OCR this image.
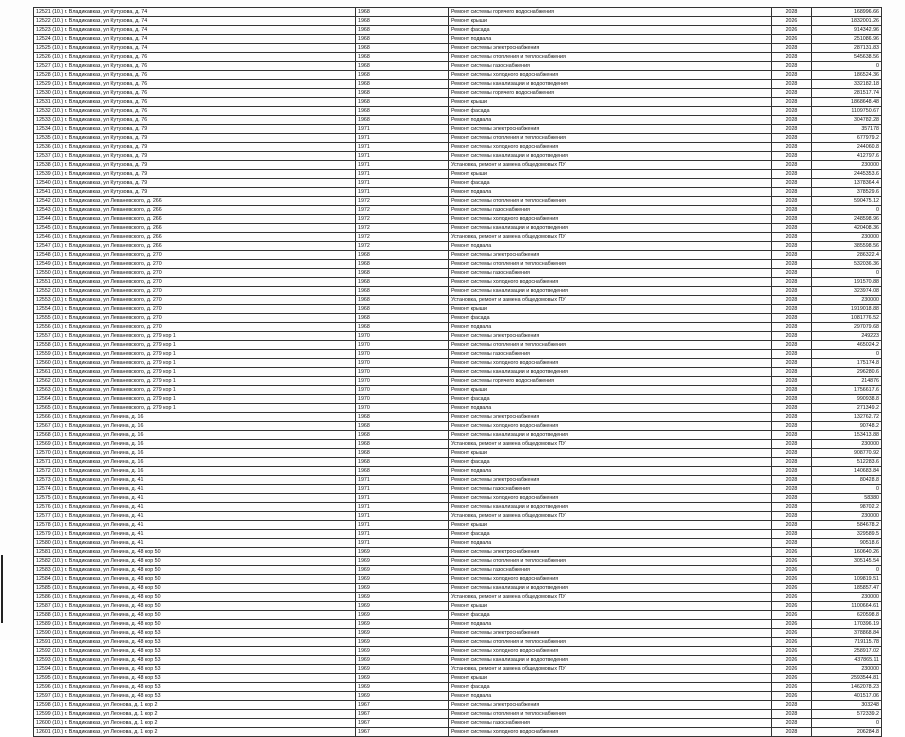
12521 (10.) г. Владикавказ, ул Кутузова, д. 74	1968	Ремонт системы горячего водоснабжения	2028	168996.66
12522 (10.) г. Владикавказ, ул Кутузова, д. 74	1968	Ремонт крыши	2026	1832001.26
12523 (10.) г. Владикавказ, ул Кутузова, д. 74	1968	Ремонт фасада	2026	914342.96
12524 (10.) г. Владикавказ, ул Кутузова, д. 74	1968	Ремонт подвала	2026	251086.96
12525 (10.) г. Владикавказ, ул Кутузова, д. 74	1968	Ремонт системы электроснабжения	2028	287131.83
12526 (10.) г. Владикавказ, ул Кутузова, д. 76	1968	Ремонт системы отопления и теплоснабжения	2028	545638.56
12527 (10.) г. Владикавказ, ул Кутузова, д. 76	1968	Ремонт системы газоснабжения	2028	0
12528 (10.) г. Владикавказ, ул Кутузова, д. 76	1968	Ремонт системы холодного водоснабжения	2028	186524.36
12529 (10.) г. Владикавказ, ул Кутузова, д. 76	1968	Ремонт системы канализации и водоотведения	2028	332182.18
12530 (10.) г. Владикавказ, ул Кутузова, д. 76	1968	Ремонт системы горячего водоснабжения	2028	281517.74
12531 (10.) г. Владикавказ, ул Кутузова, д. 76	1968	Ремонт крыши	2028	1868648.48
12532 (10.) г. Владикавказ, ул Кутузова, д. 76	1968	Ремонт фасада	2028	1109750.67
12533 (10.) г. Владикавказ, ул Кутузова, д. 76	1968	Ремонт подвала	2028	304782.28
12534 (10.) г. Владикавказ, ул Кутузова, д. 79	1971	Ремонт системы электроснабжения	2028	357178
12535 (10.) г. Владикавказ, ул Кутузова, д. 79	1971	Ремонт системы отопления и теплоснабжения	2028	677979.2
12536 (10.) г. Владикавказ, ул Кутузова, д. 79	1971	Ремонт системы холодного водоснабжения	2028	244060.8
12537 (10.) г. Владикавказ, ул Кутузова, д. 79	1971	Ремонт системы канализации и водоотведения	2028	412797.6
12538 (10.) г. Владикавказ, ул Кутузова, д. 79	1971	Установка, ремонт и замена общедомовых ПУ	2028	230000
12539 (10.) г. Владикавказ, ул Кутузова, д. 79	1971	Ремонт крыши	2028	2445353.6
12540 (10.) г. Владикавказ, ул Кутузова, д. 79	1971	Ремонт фасада	2028	1378364.4
12541 (10.) г. Владикавказ, ул Кутузова, д. 79	1971	Ремонт подвала	2028	378529.6
12542 (10.) г. Владикавказ, ул Леваневского, д. 266	1972	Ремонт системы отопления и теплоснабжения	2028	590475.12
12543 (10.) г. Владикавказ, ул Леваневского, д. 266	1972	Ремонт системы газоснабжения	2028	0
12544 (10.) г. Владикавказ, ул Леваневского, д. 266	1972	Ремонт системы холодного водоснабжения	2028	248598.96
12545 (10.) г. Владикавказ, ул Леваневского, д. 266	1972	Ремонт системы канализации и водоотведения	2028	420408.36
12546 (10.) г. Владикавказ, ул Леваневского, д. 266	1972	Установка, ремонт и замена общедомовых ПУ	2028	230000
12547 (10.) г. Владикавказ, ул Леваневского, д. 266	1972	Ремонт подвала	2028	385598.56
12548 (10.) г. Владикавказ, ул Леваневского, д. 270	1968	Ремонт системы электроснабжения	2028	286322.4
12549 (10.) г. Владикавказ, ул Леваневского, д. 270	1968	Ремонт системы отопления и теплоснабжения	2028	532036.36
12550 (10.) г. Владикавказ, ул Леваневского, д. 270	1968	Ремонт системы газоснабжения	2028	0
12551 (10.) г. Владикавказ, ул Леваневского, д. 270	1968	Ремонт системы холодного водоснабжения	2028	191570.88
12552 (10.) г. Владикавказ, ул Леваневского, д. 270	1968	Ремонт системы канализации и водоотведения	2028	323974.08
12553 (10.) г. Владикавказ, ул Леваневского, д. 270	1968	Установка, ремонт и замена общедомовых ПУ	2028	230000
12554 (10.) г. Владикавказ, ул Леваневского, д. 270	1968	Ремонт крыши	2028	1919018.88
12555 (10.) г. Владикавказ, ул Леваневского, д. 270	1968	Ремонт фасада	2028	1081776.52
12556 (10.) г. Владикавказ, ул Леваневского, д. 270	1968	Ремонт подвала	2028	297079.68
12557 (10.) г. Владикавказ, ул Леваневского, д. 279 кор 1	1970	Ремонт системы электроснабжения	2028	249223
12558 (10.) г. Владикавказ, ул Леваневского, д. 279 кор 1	1970	Ремонт системы отопления и теплоснабжения	2028	465024.2
12559 (10.) г. Владикавказ, ул Леваневского, д. 279 кор 1	1970	Ремонт системы газоснабжения	2028	0
12560 (10.) г. Владикавказ, ул Леваневского, д. 279 кор 1	1970	Ремонт системы холодного водоснабжения	2028	175174.8
12561 (10.) г. Владикавказ, ул Леваневского, д. 279 кор 1	1970	Ремонт системы канализации и водоотведения	2028	296280.6
12562 (10.) г. Владикавказ, ул Леваневского, д. 279 кор 1	1970	Ремонт системы горячего водоснабжения	2028	214876
12563 (10.) г. Владикавказ, ул Леваневского, д. 279 кор 1	1970	Ремонт крыши	2028	1756617.6
12564 (10.) г. Владикавказ, ул Леваневского, д. 279 кор 1	1970	Ремонт фасада	2028	990938.8
12565 (10.) г. Владикавказ, ул Леваневского, д. 279 кор 1	1970	Ремонт подвала	2028	271349.2
12566 (10.) г. Владикавказ, ул Ленина, д. 16	1968	Ремонт системы электроснабжения	2028	132762.72
12567 (10.) г. Владикавказ, ул Ленина, д. 16	1968	Ремонт системы холодного водоснабжения	2028	90748.2
12568 (10.) г. Владикавказ, ул Ленина, д. 16	1968	Ремонт системы канализации и водоотведения	2028	153413.88
12569 (10.) г. Владикавказ, ул Ленина, д. 16	1968	Установка, ремонт и замена общедомовых ПУ	2028	230000
12570 (10.) г. Владикавказ, ул Ленина, д. 16	1968	Ремонт крыши	2028	908770.92
12571 (10.) г. Владикавказ, ул Ленина, д. 16	1968	Ремонт фасада	2028	512283.6
12572 (10.) г. Владикавказ, ул Ленина, д. 16	1968	Ремонт подвала	2028	140683.84
12573 (10.) г. Владикавказ, ул Ленина, д. 41	1971	Ремонт системы электроснабжения	2028	80428.8
12574 (10.) г. Владикавказ, ул Ленина, д. 41	1971	Ремонт системы газоснабжения	2028	0
12575 (10.) г. Владикавказ, ул Ленина, д. 41	1971	Ремонт системы холодного водоснабжения	2028	58380
12576 (10.) г. Владикавказ, ул Ленина, д. 41	1971	Ремонт системы канализации и водоотведения	2028	98702.2
12577 (10.) г. Владикавказ, ул Ленина, д. 41	1971	Установка, ремонт и замена общедомовых ПУ	2028	230000
12578 (10.) г. Владикавказ, ул Ленина, д. 41	1971	Ремонт крыши	2028	584678.2
12579 (10.) г. Владикавказ, ул Ленина, д. 41	1971	Ремонт фасада	2028	329589.5
12580 (10.) г. Владикавказ, ул Ленина, д. 41	1971	Ремонт подвала	2028	90518.6
12581 (10.) г. Владикавказ, ул Ленина, д. 48 кор 50	1969	Ремонт системы электроснабжения	2026	160640.26
12582 (10.) г. Владикавказ, ул Ленина, д. 48 кор 50	1969	Ремонт системы отопления и теплоснабжения	2026	305145.54
12583 (10.) г. Владикавказ, ул Ленина, д. 48 кор 50	1969	Ремонт системы газоснабжения	2026	0
12584 (10.) г. Владикавказ, ул Ленина, д. 48 кор 50	1969	Ремонт системы холодного водоснабжения	2026	109819.51
12585 (10.) г. Владикавказ, ул Ленина, д. 48 кор 50	1969	Ремонт системы канализации и водоотведения	2026	185857.47
12586 (10.) г. Владикавказ, ул Ленина, д. 48 кор 50	1969	Установка, ремонт и замена общедомовых ПУ	2026	230000
12587 (10.) г. Владикавказ, ул Ленина, д. 48 кор 50	1969	Ремонт крыши	2026	1100664.61
12588 (10.) г. Владикавказ, ул Ленина, д. 48 кор 50	1969	Ремонт фасада	2026	620598.8
12589 (10.) г. Владикавказ, ул Ленина, д. 48 кор 50	1969	Ремонт подвала	2026	170396.19
12590 (10.) г. Владикавказ, ул Ленина, д. 48 кор 53	1969	Ремонт системы электроснабжения	2026	378868.84
12591 (10.) г. Владикавказ, ул Ленина, д. 48 кор 53	1969	Ремонт системы отопления и теплоснабжения	2026	719115.78
12592 (10.) г. Владикавказ, ул Ленина, д. 48 кор 53	1969	Ремонт системы холодного водоснабжения	2026	258917.02
12593 (10.) г. Владикавказ, ул Ленина, д. 48 кор 53	1969	Ремонт системы канализации и водоотведения	2026	437865.11
12594 (10.) г. Владикавказ, ул Ленина, д. 48 кор 53	1969	Установка, ремонт и замена общедомовых ПУ	2026	230000
12595 (10.) г. Владикавказ, ул Ленина, д. 48 кор 53	1969	Ремонт крыши	2026	2593544.81
12596 (10.) г. Владикавказ, ул Ленина, д. 48 кор 53	1969	Ремонт фасада	2026	1462078.23
12597 (10.) г. Владикавказ, ул Ленина, д. 48 кор 53	1969	Ремонт подвала	2026	401517.06
12598 (10.) г. Владикавказ, ул Леонова, д. 1 кор 2	1967	Ремонт системы электроснабжения	2028	303248
12599 (10.) г. Владикавказ, ул Леонова, д. 1 кор 2	1967	Ремонт системы отопления и теплоснабжения	2028	572339.2
12600 (10.) г. Владикавказ, ул Леонова, д. 1 кор 2	1967	Ремонт системы газоснабжения	2028	0
12601 (10.) г. Владикавказ, ул Леонова, д. 1 кор 2	1967	Ремонт системы холодного водоснабжения	2028	206284.8
